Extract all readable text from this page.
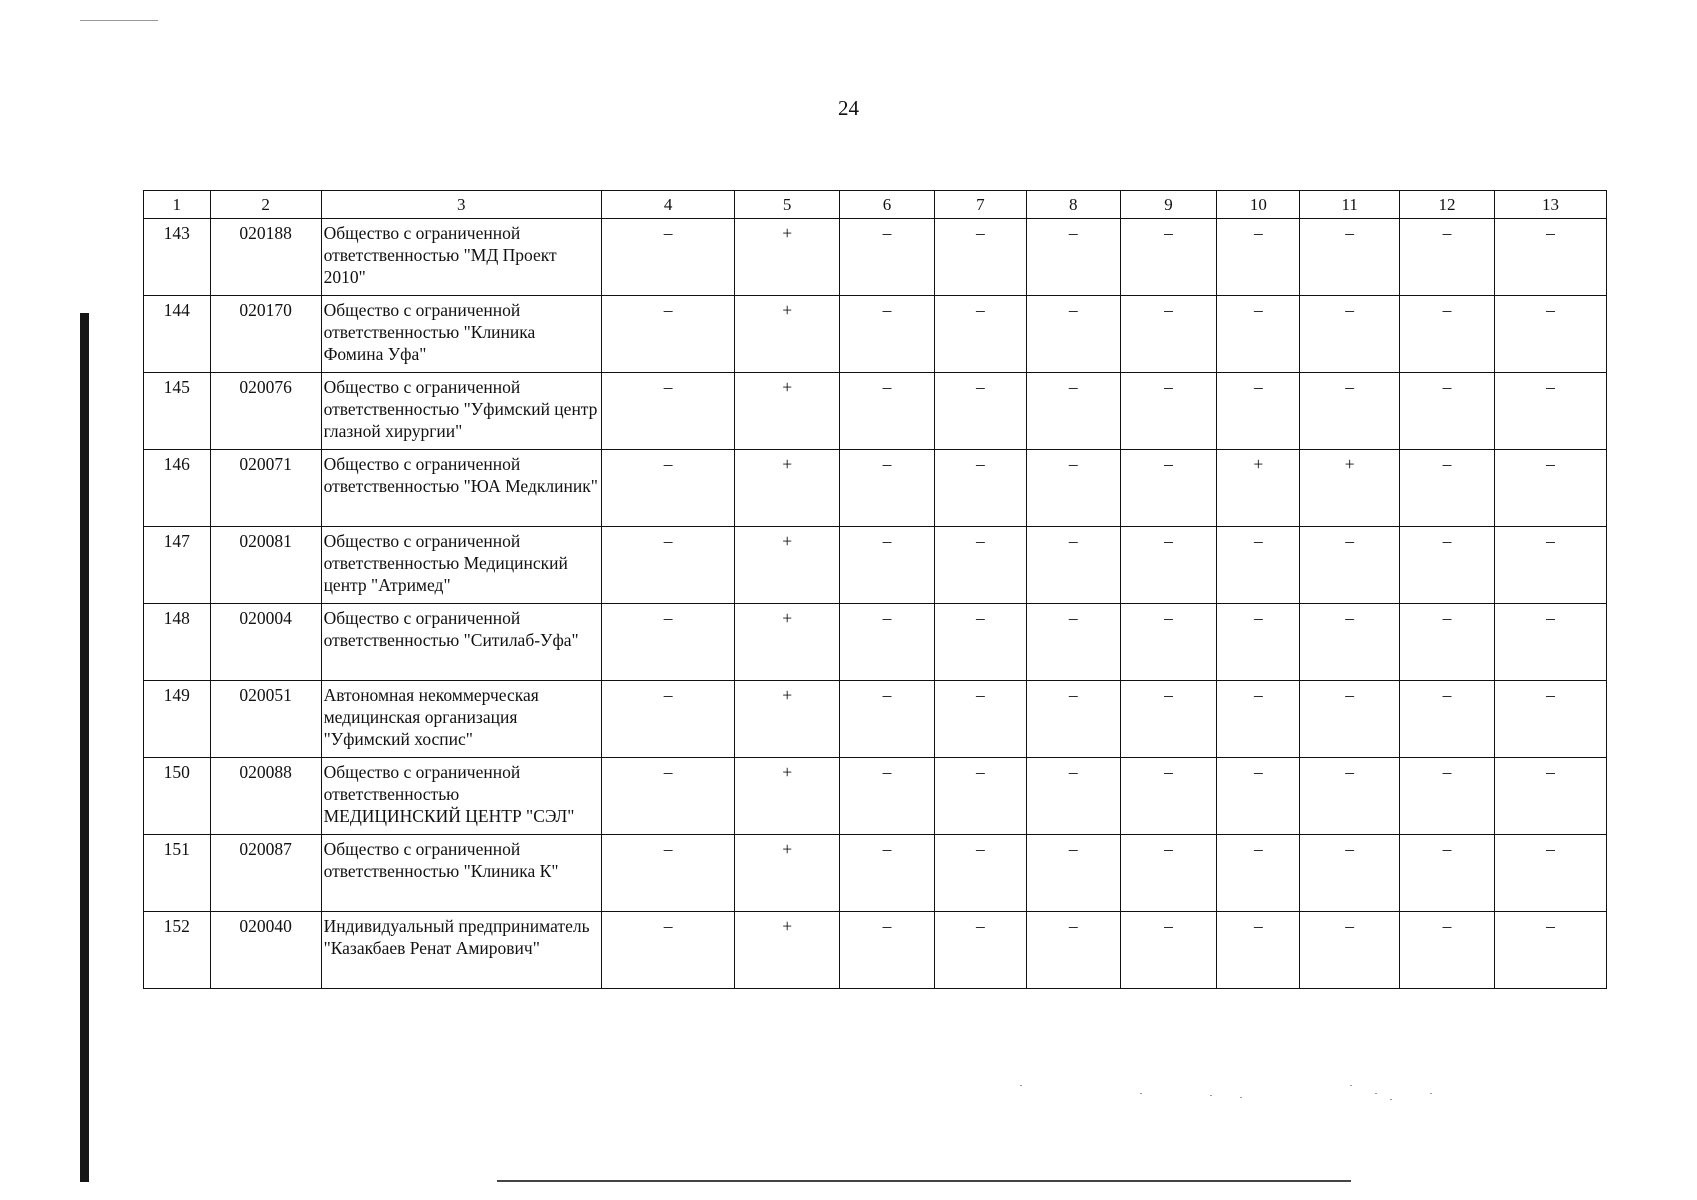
24
1	2	3	4	5	6	7	8	9	10	11	12	13
143	020188	Общество с ограниченной ответственностью "МД Проект 2010"	–	+	–	–	–	–	–	–	–	–
144	020170	Общество с ограниченной ответственностью "Клиника Фомина Уфа"	–	+	–	–	–	–	–	–	–	–
145	020076	Общество с ограниченной ответственностью "Уфимский центр глазной хирургии"	–	+	–	–	–	–	–	–	–	–
146	020071	Общество с ограниченной ответственностью "ЮА Медклиник"	–	+	–	–	–	–	+	+	–	–
147	020081	Общество с ограниченной ответственностью Медицинский центр "Атримед"	–	+	–	–	–	–	–	–	–	–
148	020004	Общество с ограниченной ответственностью "Ситилаб-Уфа"	–	+	–	–	–	–	–	–	–	–
149	020051	Автономная некоммерческая медицинская организация "Уфимский хоспис"	–	+	–	–	–	–	–	–	–	–
150	020088	Общество с ограниченной ответственностью МЕДИЦИНСКИЙ ЦЕНТР "СЭЛ"	–	+	–	–	–	–	–	–	–	–
151	020087	Общество с ограниченной ответственностью "Клиника К"	–	+	–	–	–	–	–	–	–	–
152	020040	Индивидуальный предприниматель "Казакбаев Ренат Амирович"	–	+	–	–	–	–	–	–	–	–
